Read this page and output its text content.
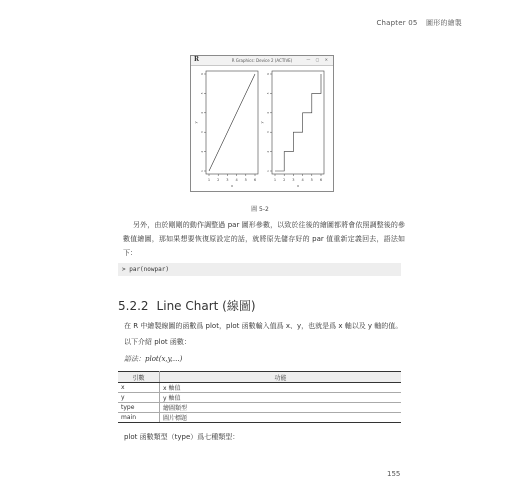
Chapter 05 圖形的繪製
R	R Graphics: Device 2 (ACTIVE)	— ▢ ✕
1 2 3 4 5 6
1
2
3
4
5
6
x
y
1 2 3 4 5 6
1
2
3
4
5
6
x
y
圖 5-2

另外，由於剛剛的動作調整過 par 圖形參數，以致於往後的繪圖都將會依照調整後的參數值繪圖，那如果想要恢復原設定的話，就將原先儲存好的 par 值重新定義回去，語法如下：

> par(nowpar)
5.2.2 Line Chart (線圖)
在 R 中繪製線圖的函數爲 plot，plot 函數輸入值爲 x、y，也就是爲 x 軸以及 y 軸的值。
以下介紹 plot 函數：
語法：plot(x,y,...)
引數	功能
x	x 軸值
y	y 軸值
type	繪圖類型
main	圖片標題
plot 函數類型（type）爲七種類型：
155
